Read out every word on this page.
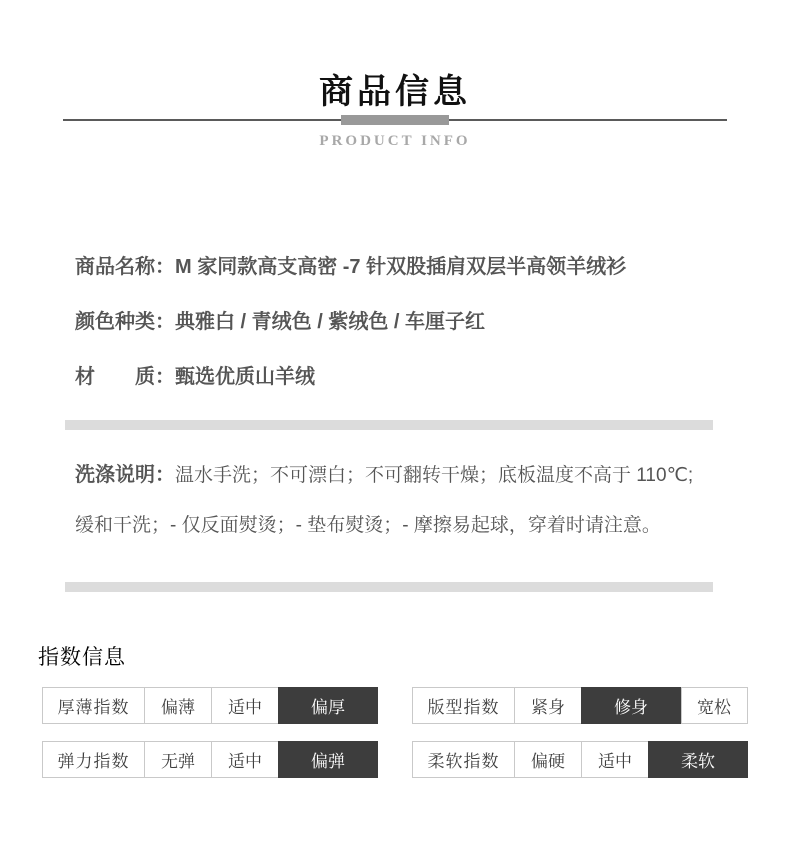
商品信息
PRODUCT INFO
商品名称：M 家同款高支高密 -7 针双股插肩双层半高领羊绒衫
颜色种类：典雅白 / 青绒色 / 紫绒色 / 车厘子红
材　　质：甄选优质山羊绒
洗涤说明：温水手洗；不可漂白；不可翻转干燥；底板温度不高于 110℃;
缓和干洗；- 仅反面熨烫；- 垫布熨烫；- 摩擦易起球，穿着时请注意。
指数信息
厚薄指数	偏薄	适中	偏厚	版型指数	紧身	修身	宽松
弹力指数	无弹	适中	偏弹	柔软指数	偏硬	适中	柔软
